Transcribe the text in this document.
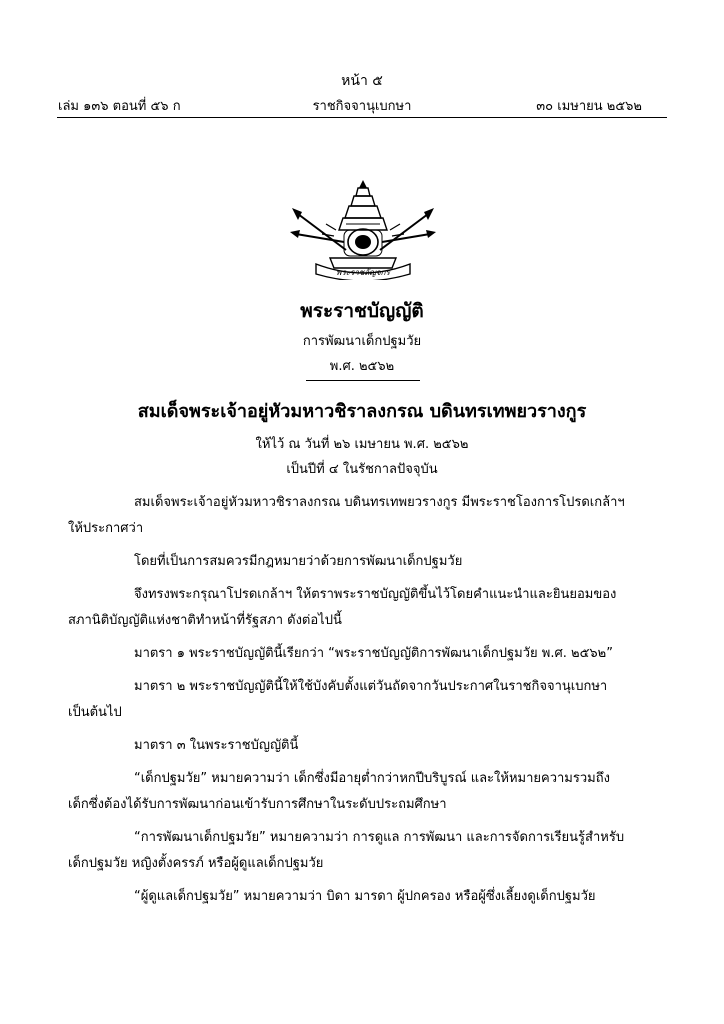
หน้า ๕
เล่ม ๑๓๖ ตอนที่ ๕๖ ก	ราชกิจจานุเบกษา	๓๐ เมษายน ๒๕๖๒
พระราชลัญจกร
พระราชบัญญัติ
การพัฒนาเด็กปฐมวัย
พ.ศ. ๒๕๖๒
สมเด็จพระเจ้าอยู่หัวมหาวชิราลงกรณ บดินทรเทพยวรางกูร
ให้ไว้ ณ วันที่ ๒๖ เมษายน พ.ศ. ๒๕๖๒
เป็นปีที่ ๔ ในรัชกาลปัจจุบัน
สมเด็จพระเจ้าอยู่หัวมหาวชิราลงกรณ บดินทรเทพยวรางกูร มีพระราชโองการโปรดเกล้าฯ
ให้ประกาศว่า
โดยที่เป็นการสมควรมีกฎหมายว่าด้วยการพัฒนาเด็กปฐมวัย
จึงทรงพระกรุณาโปรดเกล้าฯ ให้ตราพระราชบัญญัติขึ้นไว้โดยคำแนะนำและยินยอมของ
สภานิติบัญญัติแห่งชาติทำหน้าที่รัฐสภา ดังต่อไปนี้
มาตรา ๑ พระราชบัญญัตินี้เรียกว่า “พระราชบัญญัติการพัฒนาเด็กปฐมวัย พ.ศ. ๒๕๖๒”
มาตรา ๒ พระราชบัญญัตินี้ให้ใช้บังคับตั้งแต่วันถัดจากวันประกาศในราชกิจจานุเบกษา
เป็นต้นไป
มาตรา ๓ ในพระราชบัญญัตินี้
“เด็กปฐมวัย” หมายความว่า เด็กซึ่งมีอายุต่ำกว่าหกปีบริบูรณ์ และให้หมายความรวมถึง
เด็กซึ่งต้องได้รับการพัฒนาก่อนเข้ารับการศึกษาในระดับประถมศึกษา
“การพัฒนาเด็กปฐมวัย” หมายความว่า การดูแล การพัฒนา และการจัดการเรียนรู้สำหรับ
เด็กปฐมวัย หญิงตั้งครรภ์ หรือผู้ดูแลเด็กปฐมวัย
“ผู้ดูแลเด็กปฐมวัย” หมายความว่า บิดา มารดา ผู้ปกครอง หรือผู้ซึ่งเลี้ยงดูเด็กปฐมวัย
